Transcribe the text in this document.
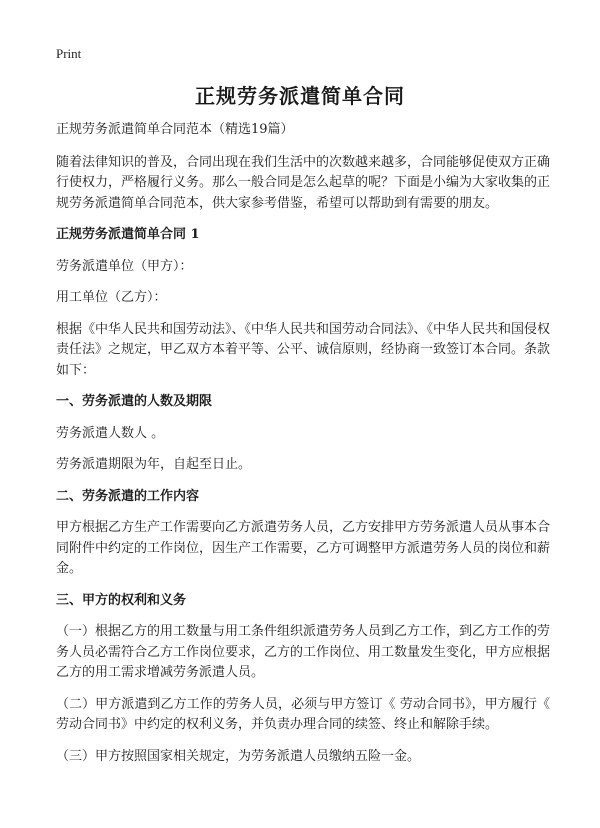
Print
正规劳务派遣简单合同

正规劳务派遣简单合同范本（精选19篇）

随着法律知识的普及，合同出现在我们生活中的次数越来越多，合同能够促使双方正确行使权力，严格履行义务。那么一般合同是怎么起草的呢？下面是小编为大家收集的正规劳务派遣简单合同范本，供大家参考借鉴，希望可以帮助到有需要的朋友。

正规劳务派遣简单合同 1

劳务派遣单位（甲方）：

用工单位（乙方）：

根据《中华人民共和国劳动法》、《中华人民共和国劳动合同法》、《中华人民共和国侵权责任法》之规定，甲乙双方本着平等、公平、诚信原则，经协商一致签订本合同。条款如下：

一、劳务派遣的人数及期限

劳务派遣人数人 。

劳务派遣期限为年，自起至日止。

二、劳务派遣的工作内容

甲方根据乙方生产工作需要向乙方派遣劳务人员，乙方安排甲方劳务派遣人员从事本合同附件中约定的工作岗位，因生产工作需要，乙方可调整甲方派遣劳务人员的岗位和薪金。

三、甲方的权利和义务

（一）根据乙方的用工数量与用工条件组织派遣劳务人员到乙方工作，到乙方工作的劳务人员必需符合乙方工作岗位要求，乙方的工作岗位、用工数量发生变化，甲方应根据乙方的用工需求增减劳务派遣人员。

（二）甲方派遣到乙方工作的劳务人员，必须与甲方签订《 劳动合同书》，甲方履行《 劳动合同书》中约定的权利义务，并负责办理合同的续签、终止和解除手续。

（三）甲方按照国家相关规定，为劳务派遣人员缴纳五险一金。
